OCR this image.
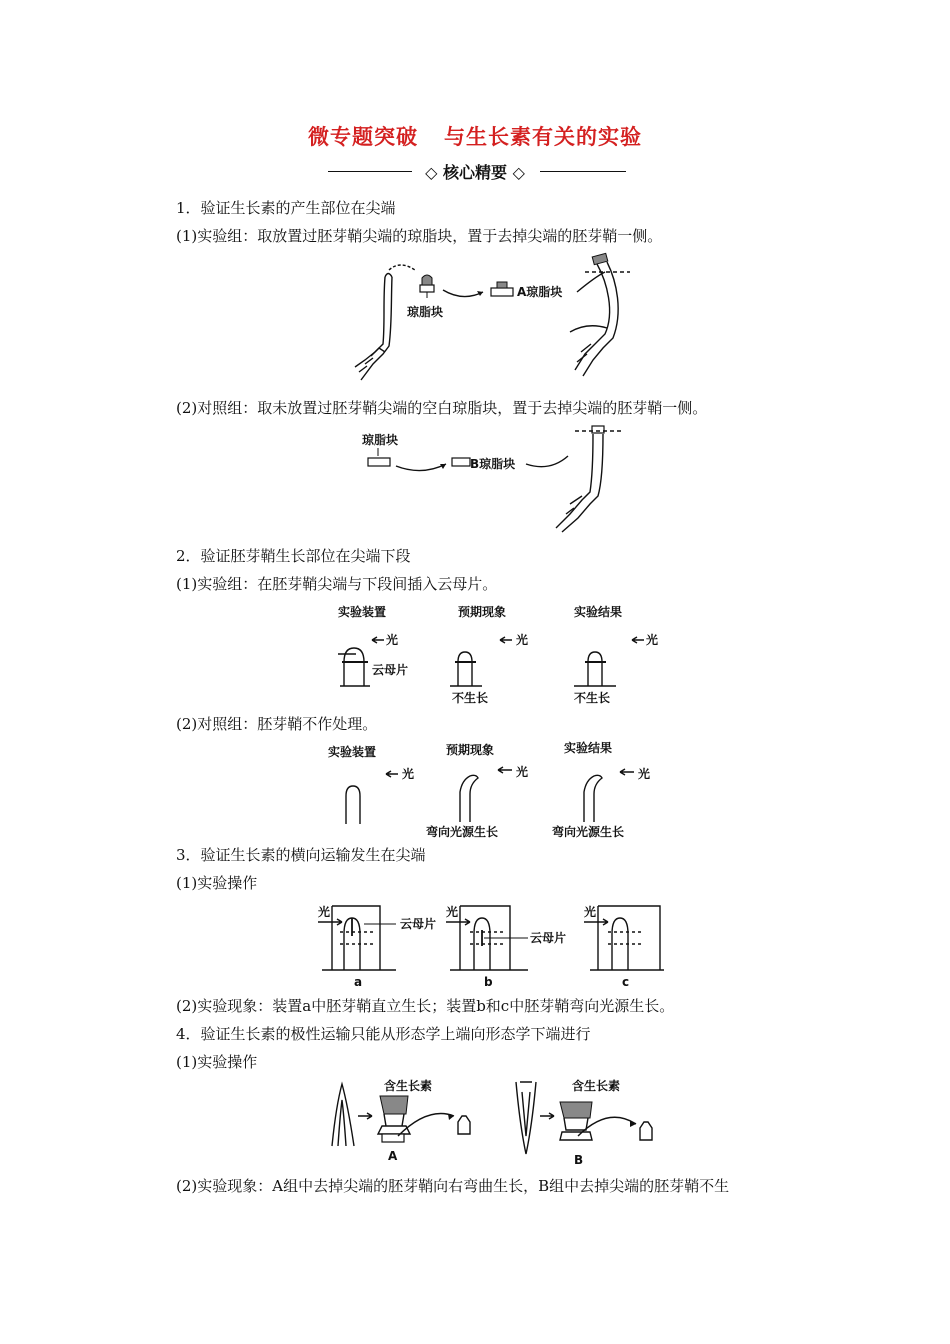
微专题突破 与生长素有关的实验
◇ 核心精要 ◇
1．验证生长素的产生部位在尖端
(1)实验组：取放置过胚芽鞘尖端的琼脂块，置于去掉尖端的胚芽鞘一侧。
琼脂块
A琼脂块
(2)对照组：取未放置过胚芽鞘尖端的空白琼脂块，置于去掉尖端的胚芽鞘一侧。
琼脂块
B琼脂块
2．验证胚芽鞘生长部位在尖端下段
(1)实验组：在胚芽鞘尖端与下段间插入云母片。
实验装置	预期现象	实验结果
光
云母片
光
不生长
光
不生长
(2)对照组：胚芽鞘不作处理。
实验装置	预期现象	实验结果
光	光
弯向光源生长
光
弯向光源生长
3．验证生长素的横向运输发生在尖端
(1)实验操作
光
云母片
a
光
云母片
b
光
c
(2)实验现象：装置a中胚芽鞘直立生长；装置b和c中胚芽鞘弯向光源生长。
4．验证生长素的极性运输只能从形态学上端向形态学下端进行
(1)实验操作
含生长素
A
含生长素
B
(2)实验现象：A组中去掉尖端的胚芽鞘向右弯曲生长，B组中去掉尖端的胚芽鞘不生
